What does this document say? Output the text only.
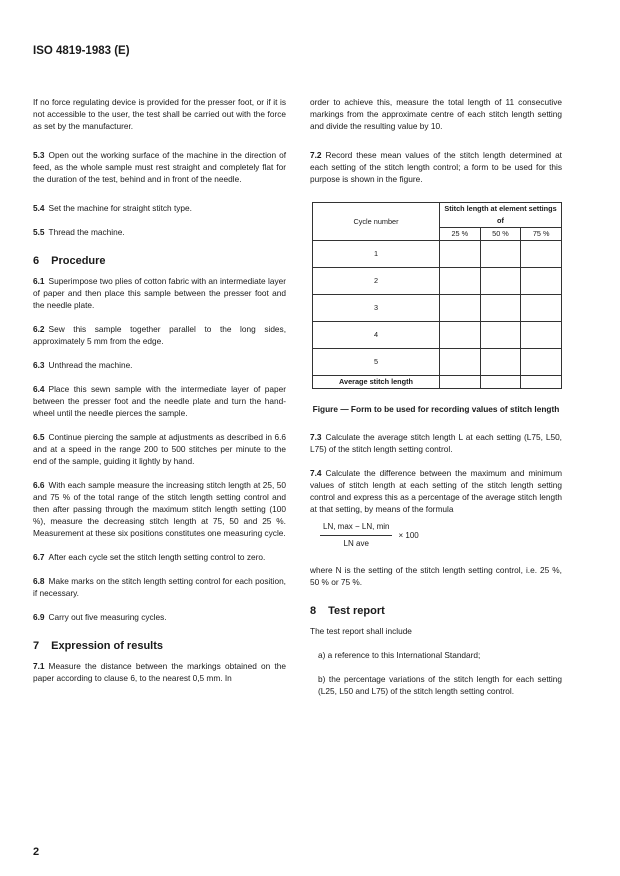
ISO 4819-1983 (E)

If no force regulating device is provided for the presser foot, or if it is not accessible to the user, the test shall be carried out with the force as set by the manufacturer.

5.3 Open out the working surface of the machine in the direction of feed, as the whole sample must rest straight and completely flat for the duration of the test, behind and in front of the needle.

5.4 Set the machine for straight stitch type.

5.5 Thread the machine.

6 Procedure

6.1 Superimpose two plies of cotton fabric with an intermediate layer of paper and then place this sample between the presser foot and the needle plate.

6.2 Sew this sample together parallel to the long sides, approximately 5 mm from the edge.

6.3 Unthread the machine.

6.4 Place this sewn sample with the intermediate layer of paper between the presser foot and the needle plate and turn the hand-wheel until the needle pierces the sample.

6.5 Continue piercing the sample at adjustments as described in 6.6 and at a speed in the range 200 to 500 stitches per minute to the end of the sample, guiding it lightly by hand.

6.6 With each sample measure the increasing stitch length at 25, 50 and 75 % of the total range of the stitch length setting control and then after passing through the maximum stitch length setting (100 %), measure the decreasing stitch length at 75, 50 and 25 %. Measurement at these six positions constitutes one measuring cycle.

6.7 After each cycle set the stitch length setting control to zero.

6.8 Make marks on the stitch length setting control for each position, if necessary.

6.9 Carry out five measuring cycles.

7 Expression of results

7.1 Measure the distance between the markings obtained on the paper according to clause 6, to the nearest 0,5 mm. In

order to achieve this, measure the total length of 11 consecutive markings from the approximate centre of each stitch length setting and divide the resulting value by 10.

7.2 Record these mean values of the stitch length determined at each setting of the stitch length control; a form to be used for this purpose is shown in the figure.

Cycle number	Stitch length at element settings of		
	25 %	50 %	75 %
1			
2			
3			
4			
5			
Average stitch length			
Figure — Form to be used for recording values of stitch length

7.3 Calculate the average stitch length L at each setting (L75, L50, L75) of the stitch length setting control.

7.4 Calculate the difference between the maximum and minimum values of stitch length at each setting of the stitch length setting control and express this as a percentage of the average stitch length at that setting, by means of the formula

$\frac{LN, \max - LN, \min}{\text{LN ave}} \times 100$

where N is the setting of the stitch length setting control, i.e. 25 %, 50 % or 75 %.

8 Test report

The test report shall include

a) a reference to this International Standard;

b) the percentage variations of the stitch length for each setting (L25, L50 and L75) of the stitch length setting control.

2
